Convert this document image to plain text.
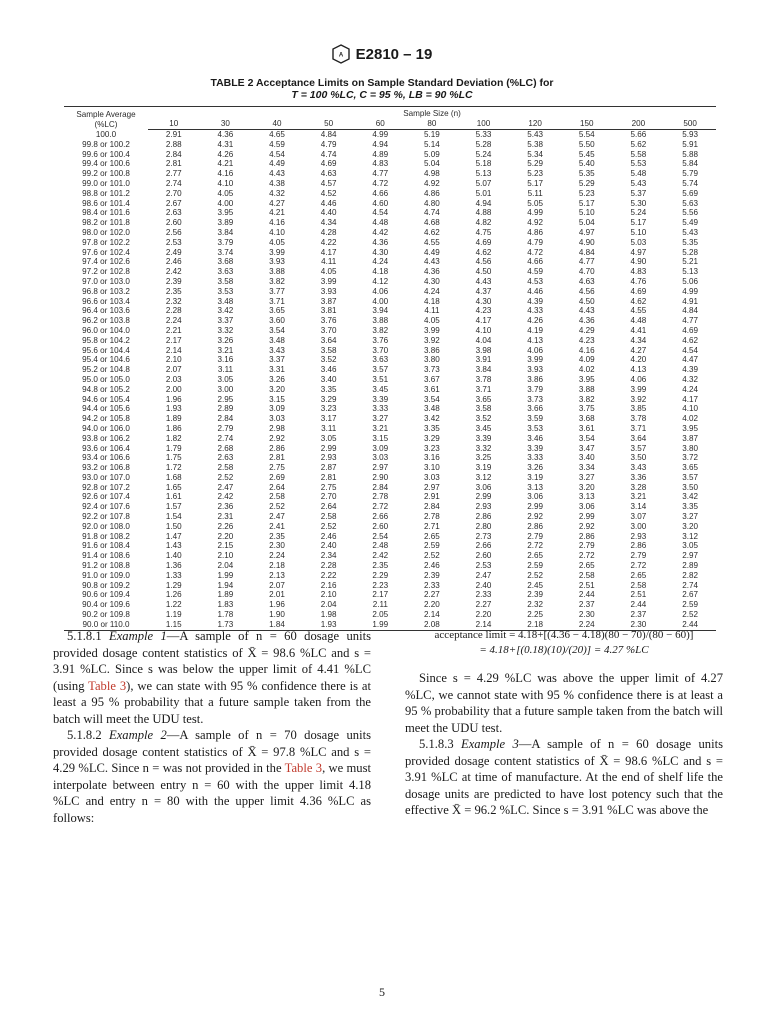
A E2810 – 19
TABLE 2 Acceptance Limits on Sample Standard Deviation (%LC) for
T = 100 %LC, C = 95 %, LB = 90 %LC
Sample Average
(%LC)	Sample Size (n)										
	10	30	40	50	60	80	100	120	150	200	500
100.0	2.91	4.36	4.65	4.84	4.99	5.19	5.33	5.43	5.54	5.66	5.93
99.8 or 100.2	2.88	4.31	4.59	4.79	4.94	5.14	5.28	5.38	5.50	5.62	5.91
99.6 or 100.4	2.84	4.26	4.54	4.74	4.89	5.09	5.24	5.34	5.45	5.58	5.88
99.4 or 100.6	2.81	4.21	4.49	4.69	4.83	5.04	5.18	5.29	5.40	5.53	5.84
99.2 or 100.8	2.77	4.16	4.43	4.63	4.77	4.98	5.13	5.23	5.35	5.48	5.79
99.0 or 101.0	2.74	4.10	4.38	4.57	4.72	4.92	5.07	5.17	5.29	5.43	5.74
98.8 or 101.2	2.70	4.05	4.32	4.52	4.66	4.86	5.01	5.11	5.23	5.37	5.69
98.6 or 101.4	2.67	4.00	4.27	4.46	4.60	4.80	4.94	5.05	5.17	5.30	5.63
98.4 or 101.6	2.63	3.95	4.21	4.40	4.54	4.74	4.88	4.99	5.10	5.24	5.56
98.2 or 101.8	2.60	3.89	4.16	4.34	4.48	4.68	4.82	4.92	5.04	5.17	5.49
98.0 or 102.0	2.56	3.84	4.10	4.28	4.42	4.62	4.75	4.86	4.97	5.10	5.43
97.8 or 102.2	2.53	3.79	4.05	4.22	4.36	4.55	4.69	4.79	4.90	5.03	5.35
97.6 or 102.4	2.49	3.74	3.99	4.17	4.30	4.49	4.62	4.72	4.84	4.97	5.28
97.4 or 102.6	2.46	3.68	3.93	4.11	4.24	4.43	4.56	4.66	4.77	4.90	5.21
97.2 or 102.8	2.42	3.63	3.88	4.05	4.18	4.36	4.50	4.59	4.70	4.83	5.13
97.0 or 103.0	2.39	3.58	3.82	3.99	4.12	4.30	4.43	4.53	4.63	4.76	5.06
96.8 or 103.2	2.35	3.53	3.77	3.93	4.06	4.24	4.37	4.46	4.56	4.69	4.99
96.6 or 103.4	2.32	3.48	3.71	3.87	4.00	4.18	4.30	4.39	4.50	4.62	4.91
96.4 or 103.6	2.28	3.42	3.65	3.81	3.94	4.11	4.23	4.33	4.43	4.55	4.84
96.2 or 103.8	2.24	3.37	3.60	3.76	3.88	4.05	4.17	4.26	4.36	4.48	4.77
96.0 or 104.0	2.21	3.32	3.54	3.70	3.82	3.99	4.10	4.19	4.29	4.41	4.69
95.8 or 104.2	2.17	3.26	3.48	3.64	3.76	3.92	4.04	4.13	4.23	4.34	4.62
95.6 or 104.4	2.14	3.21	3.43	3.58	3.70	3.86	3.98	4.06	4.16	4.27	4.54
95.4 or 104.6	2.10	3.16	3.37	3.52	3.63	3.80	3.91	3.99	4.09	4.20	4.47
95.2 or 104.8	2.07	3.11	3.31	3.46	3.57	3.73	3.84	3.93	4.02	4.13	4.39
95.0 or 105.0	2.03	3.05	3.26	3.40	3.51	3.67	3.78	3.86	3.95	4.06	4.32
94.8 or 105.2	2.00	3.00	3.20	3.35	3.45	3.61	3.71	3.79	3.88	3.99	4.24
94.6 or 105.4	1.96	2.95	3.15	3.29	3.39	3.54	3.65	3.73	3.82	3.92	4.17
94.4 or 105.6	1.93	2.89	3.09	3.23	3.33	3.48	3.58	3.66	3.75	3.85	4.10
94.2 or 105.8	1.89	2.84	3.03	3.17	3.27	3.42	3.52	3.59	3.68	3.78	4.02
94.0 or 106.0	1.86	2.79	2.98	3.11	3.21	3.35	3.45	3.53	3.61	3.71	3.95
93.8 or 106.2	1.82	2.74	2.92	3.05	3.15	3.29	3.39	3.46	3.54	3.64	3.87
93.6 or 106.4	1.79	2.68	2.86	2.99	3.09	3.23	3.32	3.39	3.47	3.57	3.80
93.4 or 106.6	1.75	2.63	2.81	2.93	3.03	3.16	3.25	3.33	3.40	3.50	3.72
93.2 or 106.8	1.72	2.58	2.75	2.87	2.97	3.10	3.19	3.26	3.34	3.43	3.65
93.0 or 107.0	1.68	2.52	2.69	2.81	2.90	3.03	3.12	3.19	3.27	3.36	3.57
92.8 or 107.2	1.65	2.47	2.64	2.75	2.84	2.97	3.06	3.13	3.20	3.28	3.50
92.6 or 107.4	1.61	2.42	2.58	2.70	2.78	2.91	2.99	3.06	3.13	3.21	3.42
92.4 or 107.6	1.57	2.36	2.52	2.64	2.72	2.84	2.93	2.99	3.06	3.14	3.35
92.2 or 107.8	1.54	2.31	2.47	2.58	2.66	2.78	2.86	2.92	2.99	3.07	3.27
92.0 or 108.0	1.50	2.26	2.41	2.52	2.60	2.71	2.80	2.86	2.92	3.00	3.20
91.8 or 108.2	1.47	2.20	2.35	2.46	2.54	2.65	2.73	2.79	2.86	2.93	3.12
91.6 or 108.4	1.43	2.15	2.30	2.40	2.48	2.59	2.66	2.72	2.79	2.86	3.05
91.4 or 108.6	1.40	2.10	2.24	2.34	2.42	2.52	2.60	2.65	2.72	2.79	2.97
91.2 or 108.8	1.36	2.04	2.18	2.28	2.35	2.46	2.53	2.59	2.65	2.72	2.89
91.0 or 109.0	1.33	1.99	2.13	2.22	2.29	2.39	2.47	2.52	2.58	2.65	2.82
90.8 or 109.2	1.29	1.94	2.07	2.16	2.23	2.33	2.40	2.45	2.51	2.58	2.74
90.6 or 109.4	1.26	1.89	2.01	2.10	2.17	2.27	2.33	2.39	2.44	2.51	2.67
90.4 or 109.6	1.22	1.83	1.96	2.04	2.11	2.20	2.27	2.32	2.37	2.44	2.59
90.2 or 109.8	1.19	1.78	1.90	1.98	2.05	2.14	2.20	2.25	2.30	2.37	2.52
90.0 or 110.0	1.15	1.73	1.84	1.93	1.99	2.08	2.14	2.18	2.24	2.30	2.44

5.1.8.1 Example 1—A sample of n = 60 dosage units provided dosage content statistics of X̄ = 98.6 %LC and s = 3.91 %LC. Since s was below the upper limit of 4.41 %LC (using Table 3), we can state with 95 % confidence there is at least a 95 % probability that a future sample taken from the batch will meet the UDU test.

5.1.8.2 Example 2—A sample of n = 70 dosage units provided dosage content statistics of X̄ = 97.8 %LC and s = 4.29 %LC. Since n = was not provided in the Table 3, we must interpolate between entry n = 60 with the upper limit 4.18 %LC and entry n = 80 with the upper limit 4.36 %LC as follows:

acceptance limit = 4.18+[(4.36 − 4.18)(80 − 70)/(80 − 60)]
= 4.18+[(0.18)(10)/(20)] = 4.27 %LC

Since s = 4.29 %LC was above the upper limit of 4.27 %LC, we cannot state with 95 % confidence there is at least a 95 % probability that a future sample taken from the batch will meet the UDU test.

5.1.8.3 Example 3—A sample of n = 60 dosage units provided dosage content statistics of X̄ = 98.6 %LC and s = 3.91 %LC at time of manufacture. At the end of shelf life the dosage units are predicted to have lost potency such that the effective X̄ = 96.2 %LC. Since s = 3.91 %LC was above the

5
